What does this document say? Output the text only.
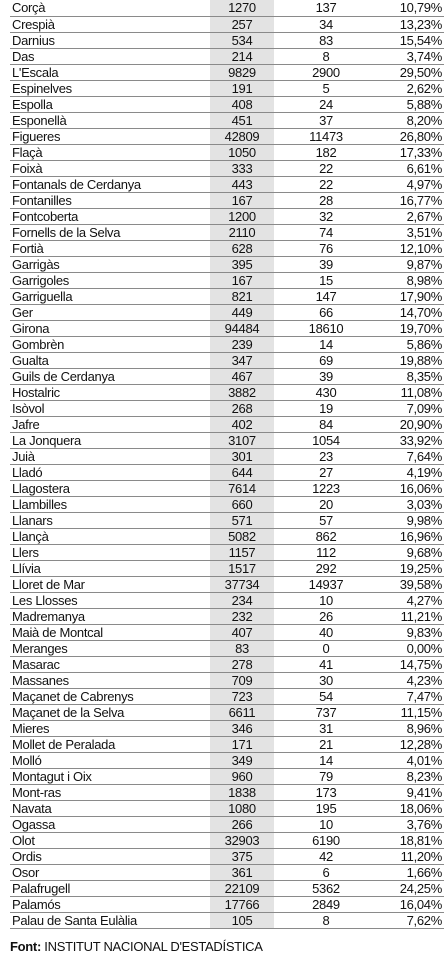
Corçà	1270	137	10,79%
Crespià	257	34	13,23%
Darnius	534	83	15,54%
Das	214	8	3,74%
L'Escala	9829	2900	29,50%
Espinelves	191	5	2,62%
Espolla	408	24	5,88%
Esponellà	451	37	8,20%
Figueres	42809	11473	26,80%
Flaçà	1050	182	17,33%
Foixà	333	22	6,61%
Fontanals de Cerdanya	443	22	4,97%
Fontanilles	167	28	16,77%
Fontcoberta	1200	32	2,67%
Fornells de la Selva	2110	74	3,51%
Fortià	628	76	12,10%
Garrigàs	395	39	9,87%
Garrigoles	167	15	8,98%
Garriguella	821	147	17,90%
Ger	449	66	14,70%
Girona	94484	18610	19,70%
Gombrèn	239	14	5,86%
Gualta	347	69	19,88%
Guils de Cerdanya	467	39	8,35%
Hostalric	3882	430	11,08%
Isòvol	268	19	7,09%
Jafre	402	84	20,90%
La Jonquera	3107	1054	33,92%
Juià	301	23	7,64%
Lladó	644	27	4,19%
Llagostera	7614	1223	16,06%
Llambilles	660	20	3,03%
Llanars	571	57	9,98%
Llançà	5082	862	16,96%
Llers	1157	112	9,68%
Llívia	1517	292	19,25%
Lloret de Mar	37734	14937	39,58%
Les Llosses	234	10	4,27%
Madremanya	232	26	11,21%
Maià de Montcal	407	40	9,83%
Meranges	83	0	0,00%
Masarac	278	41	14,75%
Massanes	709	30	4,23%
Maçanet de Cabrenys	723	54	7,47%
Maçanet de la Selva	6611	737	11,15%
Mieres	346	31	8,96%
Mollet de Peralada	171	21	12,28%
Molló	349	14	4,01%
Montagut i Oix	960	79	8,23%
Mont-ras	1838	173	9,41%
Navata	1080	195	18,06%
Ogassa	266	10	3,76%
Olot	32903	6190	18,81%
Ordis	375	42	11,20%
Osor	361	6	1,66%
Palafrugell	22109	5362	24,25%
Palamós	17766	2849	16,04%
Palau de Santa Eulàlia	105	8	7,62%
Font: INSTITUT NACIONAL D'ESTADÍSTICA
